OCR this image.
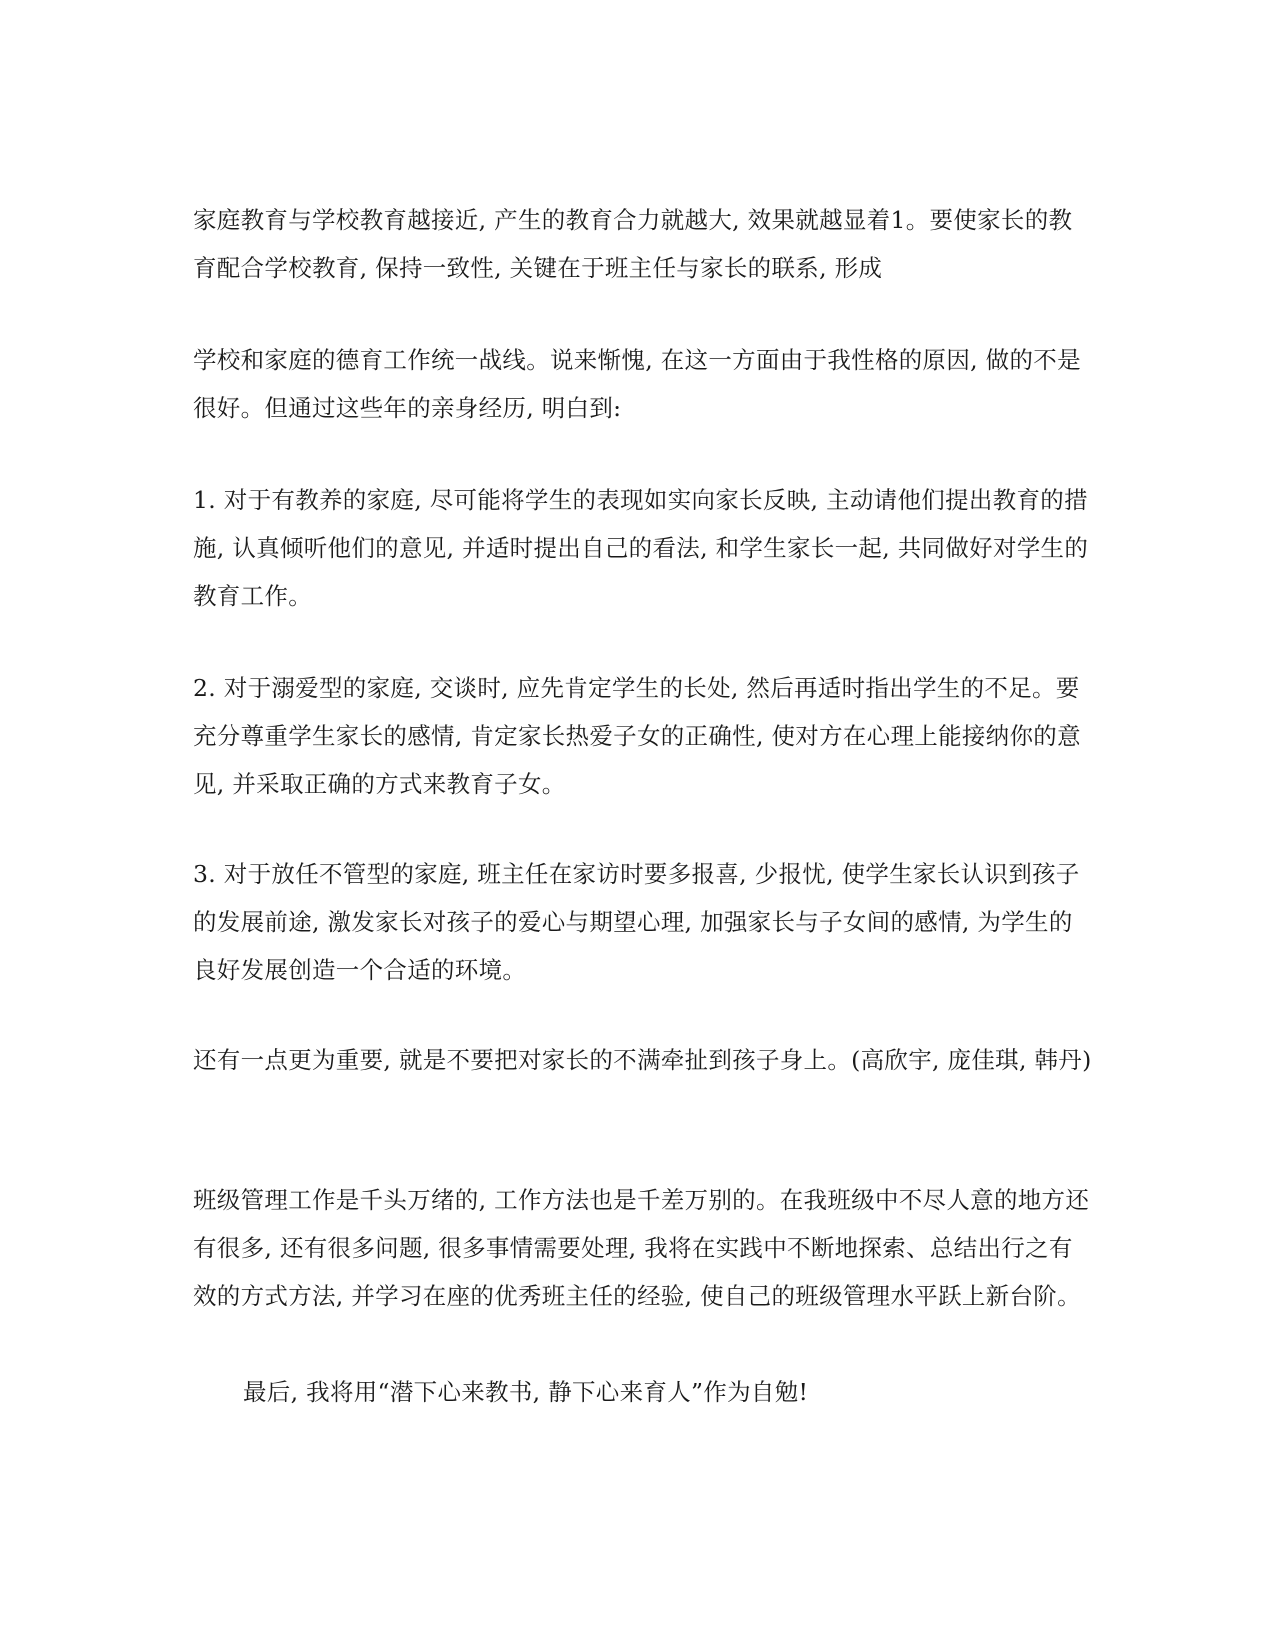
家庭教育与学校教育越接近, 产生的教育合力就越大, 效果就越显着1。要使家长的教育配合学校教育, 保持一致性, 关键在于班主任与家长的联系, 形成

学校和家庭的德育工作统一战线。说来惭愧, 在这一方面由于我性格的原因, 做的不是很好。但通过这些年的亲身经历, 明白到:

1. 对于有教养的家庭, 尽可能将学生的表现如实向家长反映, 主动请他们提出教育的措施, 认真倾听他们的意见, 并适时提出自己的看法, 和学生家长一起, 共同做好对学生的教育工作。

2. 对于溺爱型的家庭, 交谈时, 应先肯定学生的长处, 然后再适时指出学生的不足。要充分尊重学生家长的感情, 肯定家长热爱子女的正确性, 使对方在心理上能接纳你的意见, 并采取正确的方式来教育子女。

3. 对于放任不管型的家庭, 班主任在家访时要多报喜, 少报忧, 使学生家长认识到孩子的发展前途, 激发家长对孩子的爱心与期望心理, 加强家长与子女间的感情, 为学生的良好发展创造一个合适的环境。

还有一点更为重要, 就是不要把对家长的不满牵扯到孩子身上。(高欣宇, 庞佳琪, 韩丹)

班级管理工作是千头万绪的, 工作方法也是千差万别的。在我班级中不尽人意的地方还有很多, 还有很多问题, 很多事情需要处理, 我将在实践中不断地探索、总结出行之有效的方式方法, 并学习在座的优秀班主任的经验, 使自己的班级管理水平跃上新台阶。

最后, 我将用“潜下心来教书, 静下心来育人”作为自勉!
